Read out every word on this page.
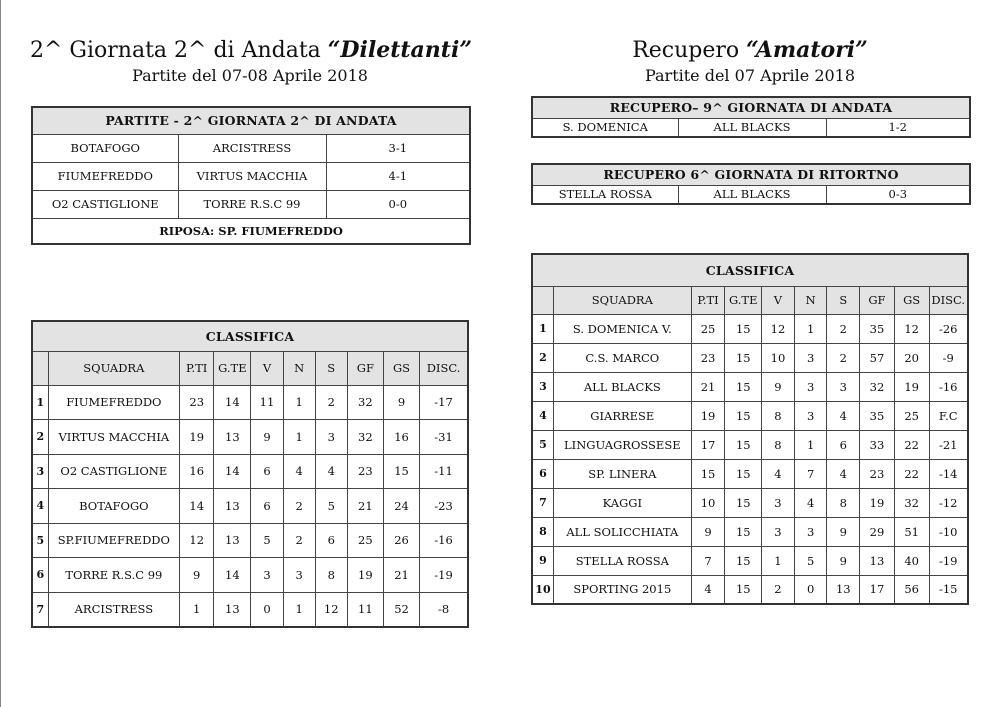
2^ Giornata 2^ di Andata “Dilettanti”
Partite del 07-08 Aprile 2018
Recupero “Amatori”
Partite del 07 Aprile 2018
PARTITE - 2^ GIORNATA 2^ DI ANDATA		
BOTAFOGO	ARCISTRESS	3-1
FIUMEFREDDO	VIRTUS MACCHIA	4-1
O2 CASTIGLIONE	TORRE R.S.C 99	0-0
RIPOSA: SP. FIUMEFREDDO		
CLASSIFICA									
	SQUADRA	P.TI	G.TE	V	N	S	GF	GS	DISC.
1	FIUMEFREDDO	23	14	11	1	2	32	9	-17
2	VIRTUS MACCHIA	19	13	9	1	3	32	16	-31
3	O2 CASTIGLIONE	16	14	6	4	4	23	15	-11
4	BOTAFOGO	14	13	6	2	5	21	24	-23
5	SP.FIUMEFREDDO	12	13	5	2	6	25	26	-16
6	TORRE R.S.C 99	9	14	3	3	8	19	21	-19
7	ARCISTRESS	1	13	0	1	12	11	52	-8
RECUPERO– 9^ GIORNATA DI ANDATA
S. DOMENICA	ALL BLACKS	1-2
RECUPERO 6^ GIORNATA DI RITORTNO
STELLA ROSSA	ALL BLACKS	0-3
CLASSIFICA									
	SQUADRA	P.TI	G.TE	V	N	S	GF	GS	DISC.
1	S. DOMENICA V.	25	15	12	1	2	35	12	-26
2	C.S. MARCO	23	15	10	3	2	57	20	-9
3	ALL BLACKS	21	15	9	3	3	32	19	-16
4	GIARRESE	19	15	8	3	4	35	25	F.C
5	LINGUAGROSSESE	17	15	8	1	6	33	22	-21
6	SP. LINERA	15	15	4	7	4	23	22	-14
7	KAGGI	10	15	3	4	8	19	32	-12
8	ALL SOLICCHIATA	9	15	3	3	9	29	51	-10
9	STELLA ROSSA	7	15	1	5	9	13	40	-19
10	SPORTING 2015	4	15	2	0	13	17	56	-15
